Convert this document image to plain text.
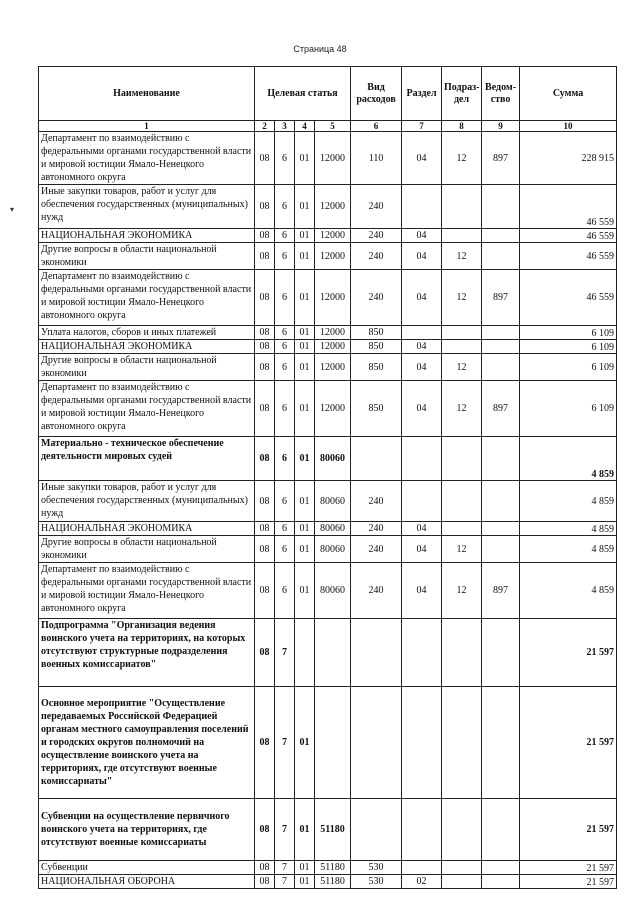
Страница 48
▾
Наименование	Целевая статья				Вид расходов	Раздел	Подраз-дел	Ведом-ство	Сумма
1	2	3	4	5	6	7	8	9	10
Департамент по взаимодействию с федеральными органами государственной власти и мировой юстиции Ямало-Ненецкого автономного округа	08	6	01	12000	110	04	12	897	228 915
Иные закупки товаров, работ и услуг для обеспечения государственных (муниципальных) нужд	08	6	01	12000	240				46 559
НАЦИОНАЛЬНАЯ ЭКОНОМИКА	08	6	01	12000	240	04			46 559
Другие вопросы в области национальной экономики	08	6	01	12000	240	04	12		46 559
Департамент по взаимодействию с федеральными органами государственной власти и мировой юстиции Ямало-Ненецкого автономного округа	08	6	01	12000	240	04	12	897	46 559
Уплата налогов, сборов и иных платежей	08	6	01	12000	850				6 109
НАЦИОНАЛЬНАЯ ЭКОНОМИКА	08	6	01	12000	850	04			6 109
Другие вопросы в области национальной экономики	08	6	01	12000	850	04	12		6 109
Департамент по взаимодействию с федеральными органами государственной власти и мировой юстиции Ямало-Ненецкого автономного округа	08	6	01	12000	850	04	12	897	6 109
Материально - техническое обеспечение деятельности мировых судей	08	6	01	80060					4 859
Иные закупки товаров, работ и услуг для обеспечения государственных (муниципальных) нужд	08	6	01	80060	240				4 859
НАЦИОНАЛЬНАЯ ЭКОНОМИКА	08	6	01	80060	240	04			4 859
Другие вопросы в области национальной экономики	08	6	01	80060	240	04	12		4 859
Департамент по взаимодействию с федеральными органами государственной власти и мировой юстиции Ямало-Ненецкого автономного округа	08	6	01	80060	240	04	12	897	4 859
Подпрограмма "Организация ведения воинского учета на территориях, на которых отсутствуют структурные подразделения военных комиссариатов"	08	7							21 597
Основное мероприятие "Осуществление передаваемых Российской Федерацией органам местного самоуправления поселений и городских округов полномочий на осуществление воинского учета на территориях, где отсутствуют военные комиссариаты"	08	7	01						21 597
Субвенции на осуществление первичного воинского учета на территориях, где отсутствуют военные комиссариаты	08	7	01	51180					21 597
Субвенции	08	7	01	51180	530				21 597
НАЦИОНАЛЬНАЯ ОБОРОНА	08	7	01	51180	530	02			21 597
